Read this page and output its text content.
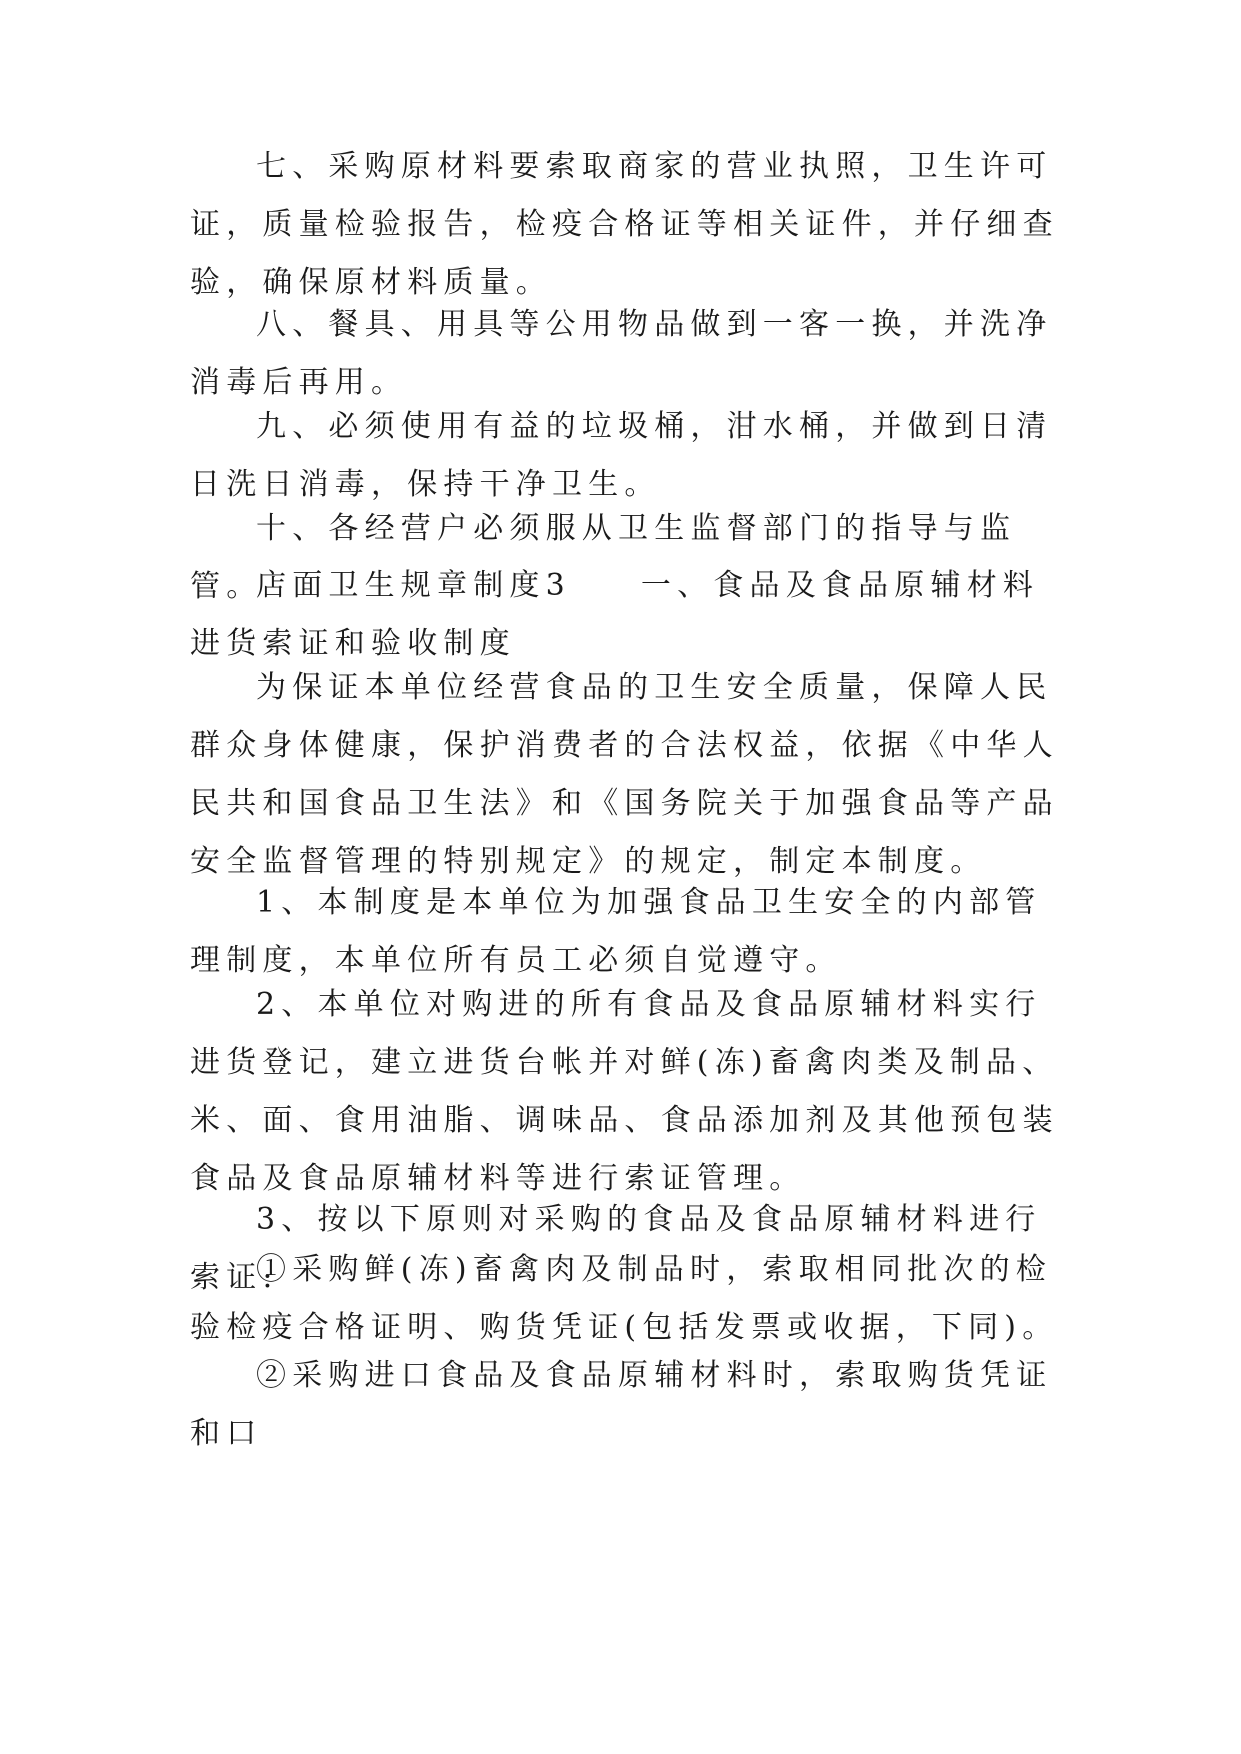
七、采购原材料要索取商家的营业执照，卫生许可证，质量检验报告，检疫合格证等相关证件，并仔细查验，确保原材料质量。

八、餐具、用具等公用物品做到一客一换，并洗净消毒后再用。

九、必须使用有益的垃圾桶，泔水桶，并做到日清日洗日消毒，保持干净卫生。

十、各经营户必须服从卫生监督部门的指导与监管。

店面卫生规章制度3 一、食品及食品原辅材料进货索证和验收制度

为保证本单位经营食品的卫生安全质量，保障人民群众身体健康，保护消费者的合法权益，依据《中华人民共和国食品卫生法》和《国务院关于加强食品等产品安全监督管理的特别规定》的规定，制定本制度。

1、本制度是本单位为加强食品卫生安全的内部管理制度，本单位所有员工必须自觉遵守。

2、本单位对购进的所有食品及食品原辅材料实行进货登记，建立进货台帐并对鲜(冻)畜禽肉类及制品、米、面、食用油脂、调味品、食品添加剂及其他预包装食品及食品原辅材料等进行索证管理。

3、按以下原则对采购的食品及食品原辅材料进行索证:

①采购鲜(冻)畜禽肉及制品时，索取相同批次的检验检疫合格证明、购货凭证(包括发票或收据，下同)。

②采购进口食品及食品原辅材料时，索取购货凭证和口
